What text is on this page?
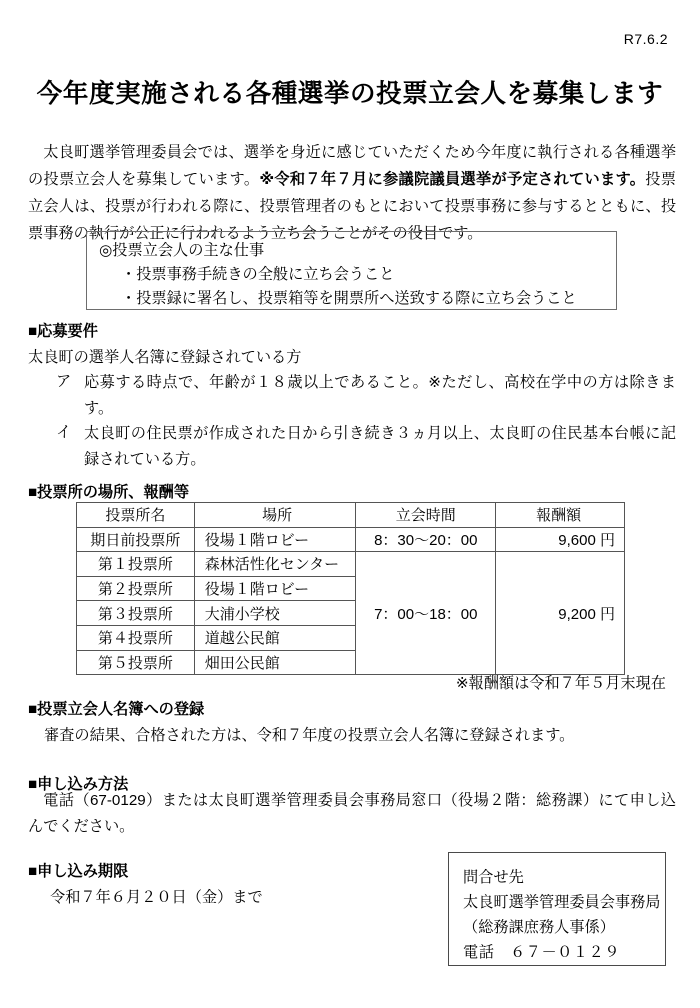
R7.6.2
今年度実施される各種選挙の投票立会人を募集します

太良町選挙管理委員会では、選挙を身近に感じていただくため今年度に執行される各種選挙の投票立会人を募集しています。※令和７年７月に参議院議員選挙が予定されています。投票立会人は、投票が行われる際に、投票管理者のもとにおいて投票事務に参与するとともに、投票事務の執行が公正に行われるよう立ち会うことがその役目です。

◎投票立会人の主な仕事
・投票事務手続きの全般に立ち会うこと
・投票録に署名し、投票箱等を開票所へ送致する際に立ち会うこと
■応募要件
太良町の選挙人名簿に登録されている方
ア 応募する時点で、年齢が１８歳以上であること。※ただし、高校在学中の方は除きます。
イ 太良町の住民票が作成された日から引き続き３ヵ月以上、太良町の住民基本台帳に記録されている方。
■投票所の場所、報酬等
投票所名	場所	立会時間	報酬額
期日前投票所	役場１階ロビー	8：30～20：00	9,600 円
第１投票所	森林活性化センター	7：00～18：00	9,200 円
第２投票所	役場１階ロビー		
第３投票所	大浦小学校		
第４投票所	道越公民館		
第５投票所	畑田公民館		
※報酬額は令和７年５月末現在
■投票立会人名簿への登録
審査の結果、合格された方は、令和７年度の投票立会人名簿に登録されます。
■申し込み方法
電話（67-0129）または太良町選挙管理委員会事務局窓口（役場２階：総務課）にて申し込んでください。
■申し込み期限
令和７年６月２０日（金）まで
問合せ先
太良町選挙管理委員会事務局
（総務課庶務人事係）
電話　６７－０１２９
